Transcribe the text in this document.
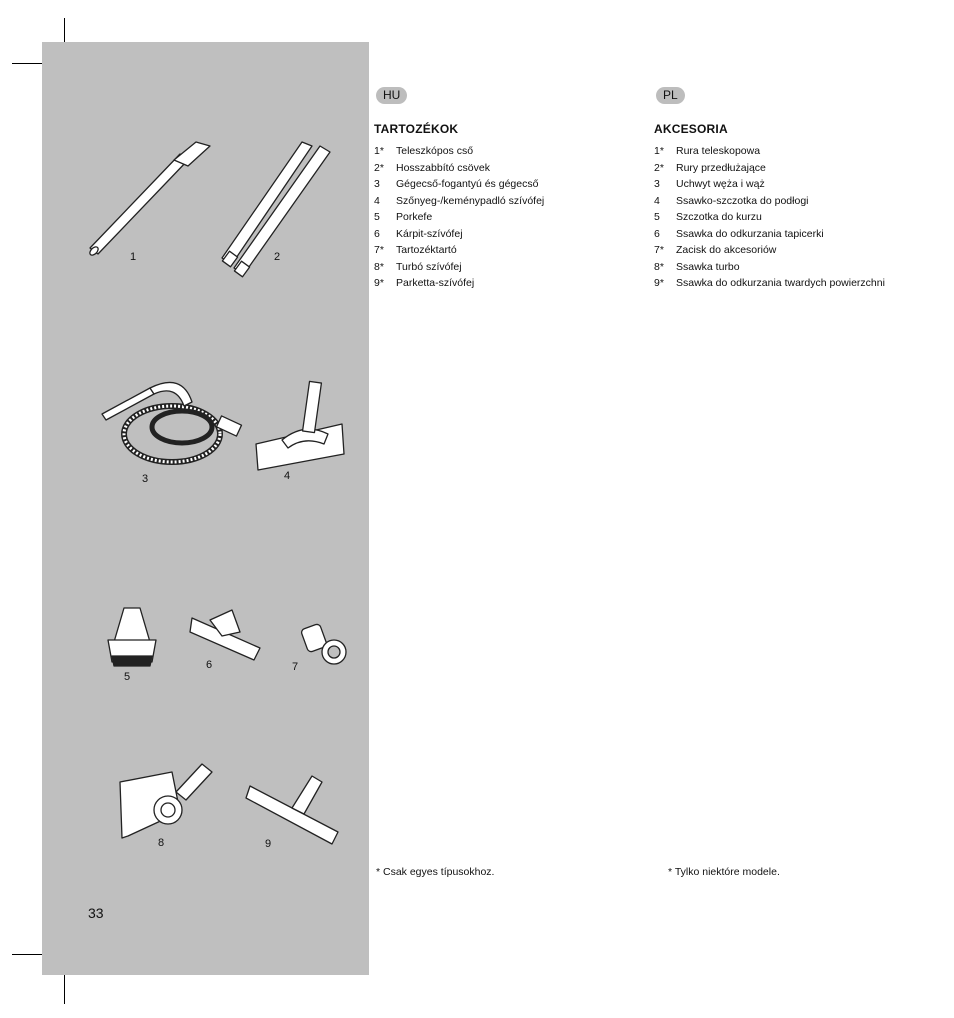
1	2
3	4
5
6	7
8	9
33
HU
TARTOZÉKOK
1*	Teleszkópos cső
2*	Hosszabbító csövek
3	Gégecső-fogantyú és gégecső
4	Szőnyeg-/keménypadló szívófej
5	Porkefe
6	Kárpit-szívófej
7*	Tartozéktartó
8*	Turbó szívófej
9*	Parketta-szívófej
PL
AKCESORIA
1*	Rura teleskopowa
2*	Rury przedłużające
3	Uchwyt węża i wąż
4	Ssawko-szczotka do podłogi
5	Szczotka do kurzu
6	Ssawka do odkurzania tapicerki
7*	Zacisk do akcesoriów
8*	Ssawka turbo
9*	Ssawka do odkurzania twardych powierzchni
* Csak egyes típusokhoz.	* Tylko niektóre modele.
